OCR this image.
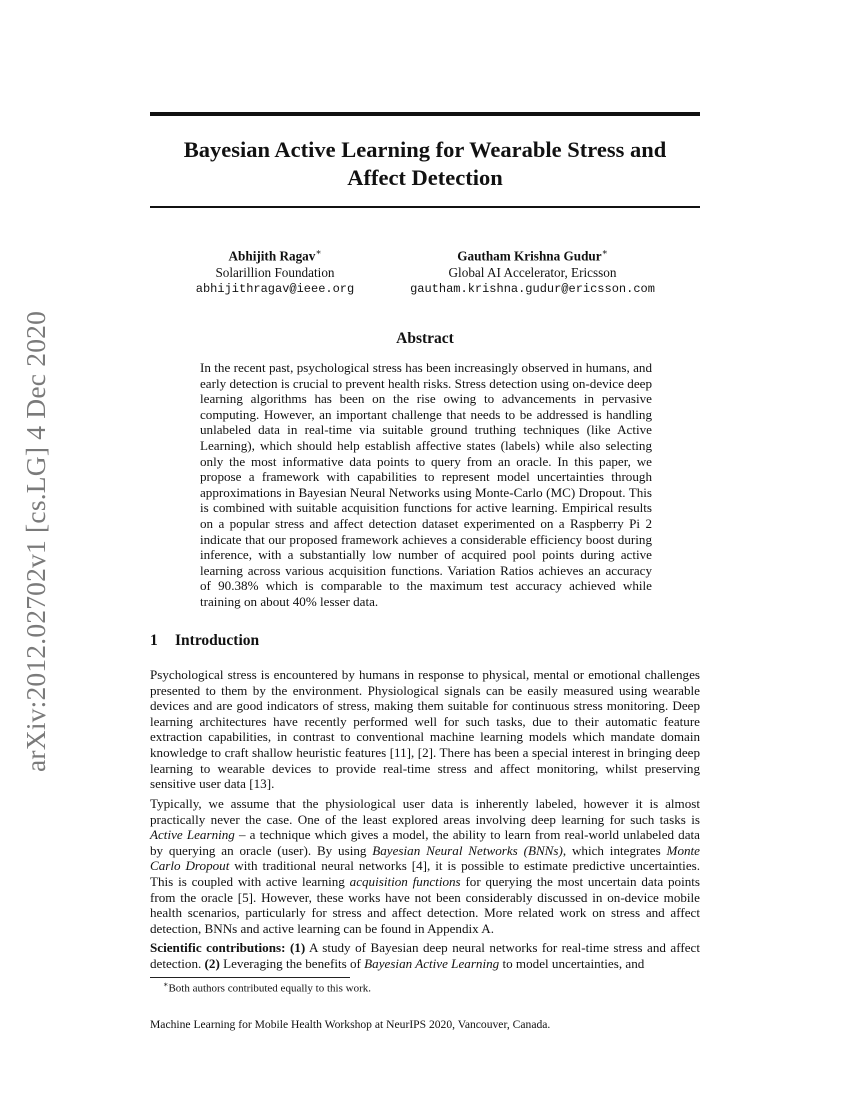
arXiv:2012.02702v1 [cs.LG] 4 Dec 2020
Bayesian Active Learning for Wearable Stress and
Affect Detection
Abhijith Ragav∗
Solarillion Foundation
abhijithragav@ieee.org
Gautham Krishna Gudur∗
Global AI Accelerator, Ericsson
gautham.krishna.gudur@ericsson.com
Abstract

In the recent past, psychological stress has been increasingly observed in humans, and early detection is crucial to prevent health risks. Stress detection using on-device deep learning algorithms has been on the rise owing to advancements in pervasive computing. However, an important challenge that needs to be addressed is handling unlabeled data in real-time via suitable ground truthing techniques (like Active Learning), which should help establish affective states (labels) while also selecting only the most informative data points to query from an oracle. In this paper, we propose a framework with capabilities to represent model uncertainties through approximations in Bayesian Neural Networks using Monte-Carlo (MC) Dropout. This is combined with suitable acquisition functions for active learning. Empirical results on a popular stress and affect detection dataset experimented on a Raspberry Pi 2 indicate that our proposed framework achieves a considerable efficiency boost during inference, with a substantially low number of acquired pool points during active learning across various acquisition functions. Variation Ratios achieves an accuracy of 90.38% which is comparable to the maximum test accuracy achieved while training on about 40% lesser data.

1 Introduction

Psychological stress is encountered by humans in response to physical, mental or emotional challenges presented to them by the environment. Physiological signals can be easily measured using wearable devices and are good indicators of stress, making them suitable for continuous stress monitoring. Deep learning architectures have recently performed well for such tasks, due to their automatic feature extraction capabilities, in contrast to conventional machine learning models which mandate domain knowledge to craft shallow heuristic features [11], [2]. There has been a special interest in bringing deep learning to wearable devices to provide real-time stress and affect monitoring, whilst preserving sensitive user data [13].

Typically, we assume that the physiological user data is inherently labeled, however it is almost practically never the case. One of the least explored areas involving deep learning for such tasks is Active Learning – a technique which gives a model, the ability to learn from real-world unlabeled data by querying an oracle (user). By using Bayesian Neural Networks (BNNs), which integrates Monte Carlo Dropout with traditional neural networks [4], it is possible to estimate predictive uncertainties. This is coupled with active learning acquisition functions for querying the most uncertain data points from the oracle [5]. However, these works have not been considerably discussed in on-device mobile health scenarios, particularly for stress and affect detection. More related work on stress and affect detection, BNNs and active learning can be found in Appendix A.

Scientific contributions: (1) A study of Bayesian deep neural networks for real-time stress and affect detection. (2) Leveraging the benefits of Bayesian Active Learning to model uncertainties, and

∗Both authors contributed equally to this work.

Machine Learning for Mobile Health Workshop at NeurIPS 2020, Vancouver, Canada.
